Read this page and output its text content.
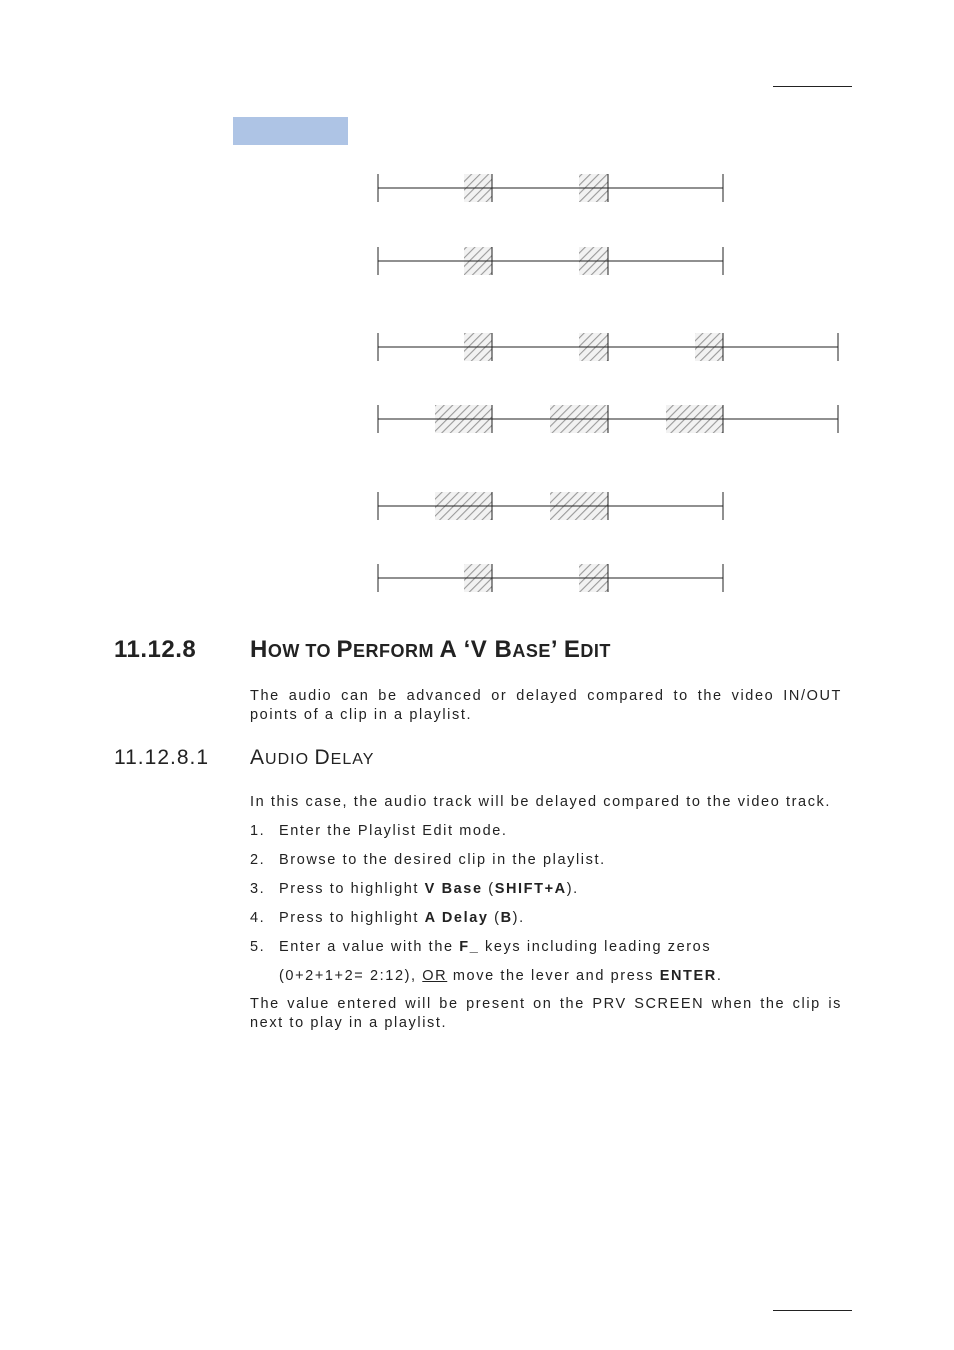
11.12.8 HOW TO PERFORM A ‘V BASE’ EDIT

The audio can be advanced or delayed compared to the video IN/OUT points of a clip in a playlist.

11.12.8.1 AUDIO DELAY

In this case, the audio track will be delayed compared to the video track.

1. Enter the Playlist Edit mode.
2. Browse to the desired clip in the playlist.
3. Press to highlight V Base (SHIFT+A).
4. Press to highlight A Delay (B).
5. Enter a value with the F_ keys including leading zeros
(0+2+1+2= 2:12), OR move the lever and press ENTER.

The value entered will be present on the PRV SCREEN when the clip is next to play in a playlist.
